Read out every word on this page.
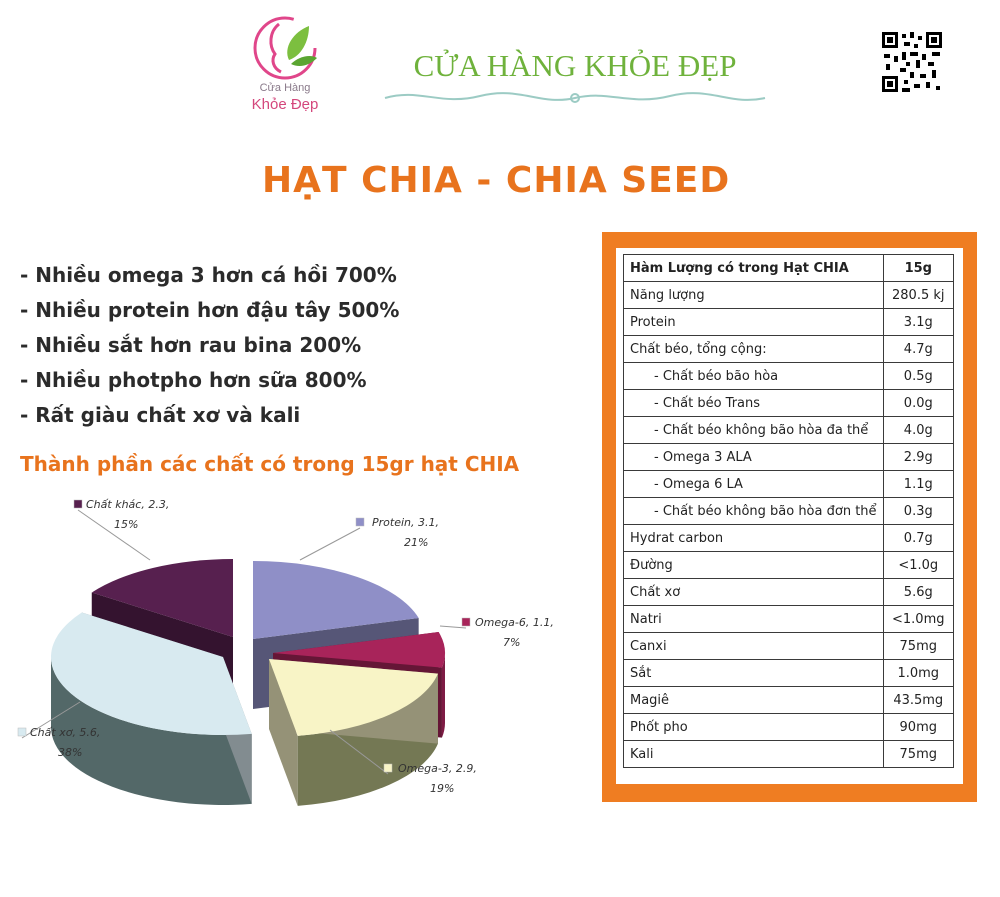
Cửa Hàng
Khỏe Đẹp
CỬA HÀNG KHỎE ĐẸP
HẠT CHIA - CHIA SEED
- Nhiều omega 3 hơn cá hồi 700%
- Nhiều protein hơn đậu tây 500%
- Nhiều sắt hơn rau bina 200%
- Nhiều photpho hơn sữa 800%
- Rất giàu chất xơ và kali
Thành phần các chất có trong 15gr hạt CHIA
Protein, 3.1,
21%
Omega-6, 1.1,
7%
Omega-3, 2.9,
19%
Chất xơ, 5.6,
38%
Chất khác, 2.3,
15%
Hàm Lượng có trong Hạt CHIA	15g
Năng lượng	280.5 kj
Protein	3.1g
Chất béo, tổng cộng:	4.7g
- Chất béo bão hòa	0.5g
- Chất béo Trans	0.0g
- Chất béo không bão hòa đa thể	4.0g
- Omega 3 ALA	2.9g
- Omega 6 LA	1.1g
- Chất béo không bão hòa đơn thể	0.3g
Hydrat carbon	0.7g
Đường	<1.0g
Chất xơ	5.6g
Natri	<1.0mg
Canxi	75mg
Sắt	1.0mg
Magiê	43.5mg
Phốt pho	90mg
Kali	75mg
